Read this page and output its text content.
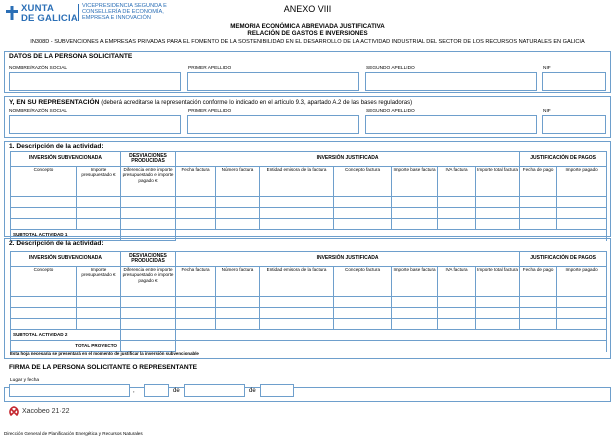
XUNTA
DE GALICIA
VICEPRESIDENCIA SEGUNDA E
CONSELLERÍA DE ECONOMÍA,
EMPRESA E INNOVACIÓN
ANEXO VIII
MEMORIA ECONÓMICA ABREVIADA JUSTIFICATIVA
RELACIÓN DE GASTOS E INVERSIONES
IN308D - SUBVENCIONES A EMPRESAS PRIVADAS PARA EL FOMENTO DE LA SOSTENIBILIDAD EN EL DESARROLLO DE LA ACTIVIDAD INDUSTRIAL DEL SECTOR DE LOS RECURSOS NATURALES EN GALICIA
DATOS DE LA PERSONA SOLICITANTE
NOMBRE/RAZÓN SOCIAL	PRIMER APELLIDO	SEGUNDO APELLIDO	NIF
Y, EN SU REPRESENTACIÓN (deberá acreditarse la representación conforme lo indicado en el artículo 9.3, apartado A.2 de las bases reguladoras)
NOMBRE/RAZÓN SOCIAL	PRIMER APELLIDO	SEGUNDO APELLIDO	NIF
1. Descripción de la actividad:
INVERSIÓN SUBVENCIONADA		DESVIACIONES PRODUCIDAS	INVERSIÓN JUSTIFICADA							JUSTIFICACIÓN DE PAGOS	
Concepto	Importe presupuestado €	Diferencia entre importe presupuestado e importe pagado €	Fecha factura	Número factura	Entidad emisora de la factura	Concepto factura	Importe base factura	IVA factura	Importe total factura	Fecha de pago	Importe pagado

SUBTOTAL ACTIVIDAD 1											
2. Descripción de la actividad:
INVERSIÓN SUBVENCIONADA		DESVIACIONES PRODUCIDAS	INVERSIÓN JUSTIFICADA							JUSTIFICACIÓN DE PAGOS	
Concepto	Importe presupuestado €	Diferencia entre importe presupuestado e importe pagado €	Fecha factura	Número factura	Entidad emisora de la factura	Concepto factura	Importe base factura	IVA factura	Importe total factura	Fecha de pago	Importe pagado

SUBTOTAL ACTIVIDAD 2											
TOTAL PROYECTO											
Esta hoja necesaria se presentará en el momento de justificar la inversión subvencionable
FIRMA DE LA PERSONA SOLICITANTE O REPRESENTANTE
Lugar y fecha
,	de	de
Xacobeo 21·22
Dirección General de Planificación Energética y Recursos Naturales
